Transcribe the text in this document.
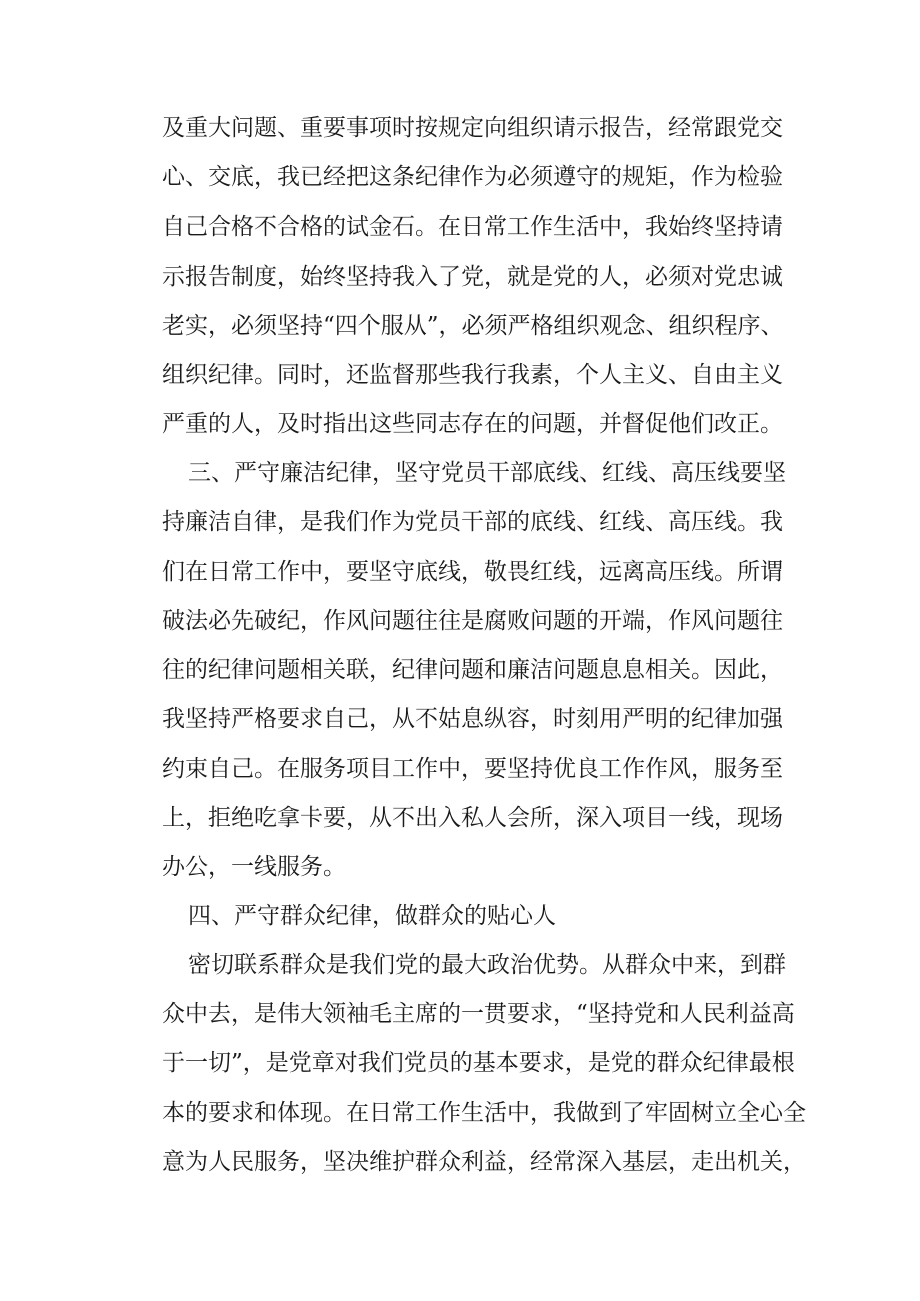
及重大问题、重要事项时按规定向组织请示报告，经常跟党交
心、交底，我已经把这条纪律作为必须遵守的规矩，作为检验
自己合格不合格的试金石。在日常工作生活中，我始终坚持请
示报告制度，始终坚持我入了党，就是党的人，必须对党忠诚
老实，必须坚持“四个服从”，必须严格组织观念、组织程序、
组织纪律。同时，还监督那些我行我素，个人主义、自由主义
严重的人，及时指出这些同志存在的问题，并督促他们改正。
三、严守廉洁纪律，坚守党员干部底线、红线、高压线要坚
持廉洁自律，是我们作为党员干部的底线、红线、高压线。我
们在日常工作中，要坚守底线，敬畏红线，远离高压线。所谓
破法必先破纪，作风问题往往是腐败问题的开端，作风问题往
往的纪律问题相关联，纪律问题和廉洁问题息息相关。因此，
我坚持严格要求自己，从不姑息纵容，时刻用严明的纪律加强
约束自己。在服务项目工作中，要坚持优良工作作风，服务至
上，拒绝吃拿卡要，从不出入私人会所，深入项目一线，现场
办公，一线服务。
四、严守群众纪律，做群众的贴心人
密切联系群众是我们党的最大政治优势。从群众中来，到群
众中去，是伟大领袖毛主席的一贯要求，“坚持党和人民利益高
于一切”，是党章对我们党员的基本要求，是党的群众纪律最根
本的要求和体现。在日常工作生活中，我做到了牢固树立全心全
意为人民服务，坚决维护群众利益，经常深入基层，走出机关，
